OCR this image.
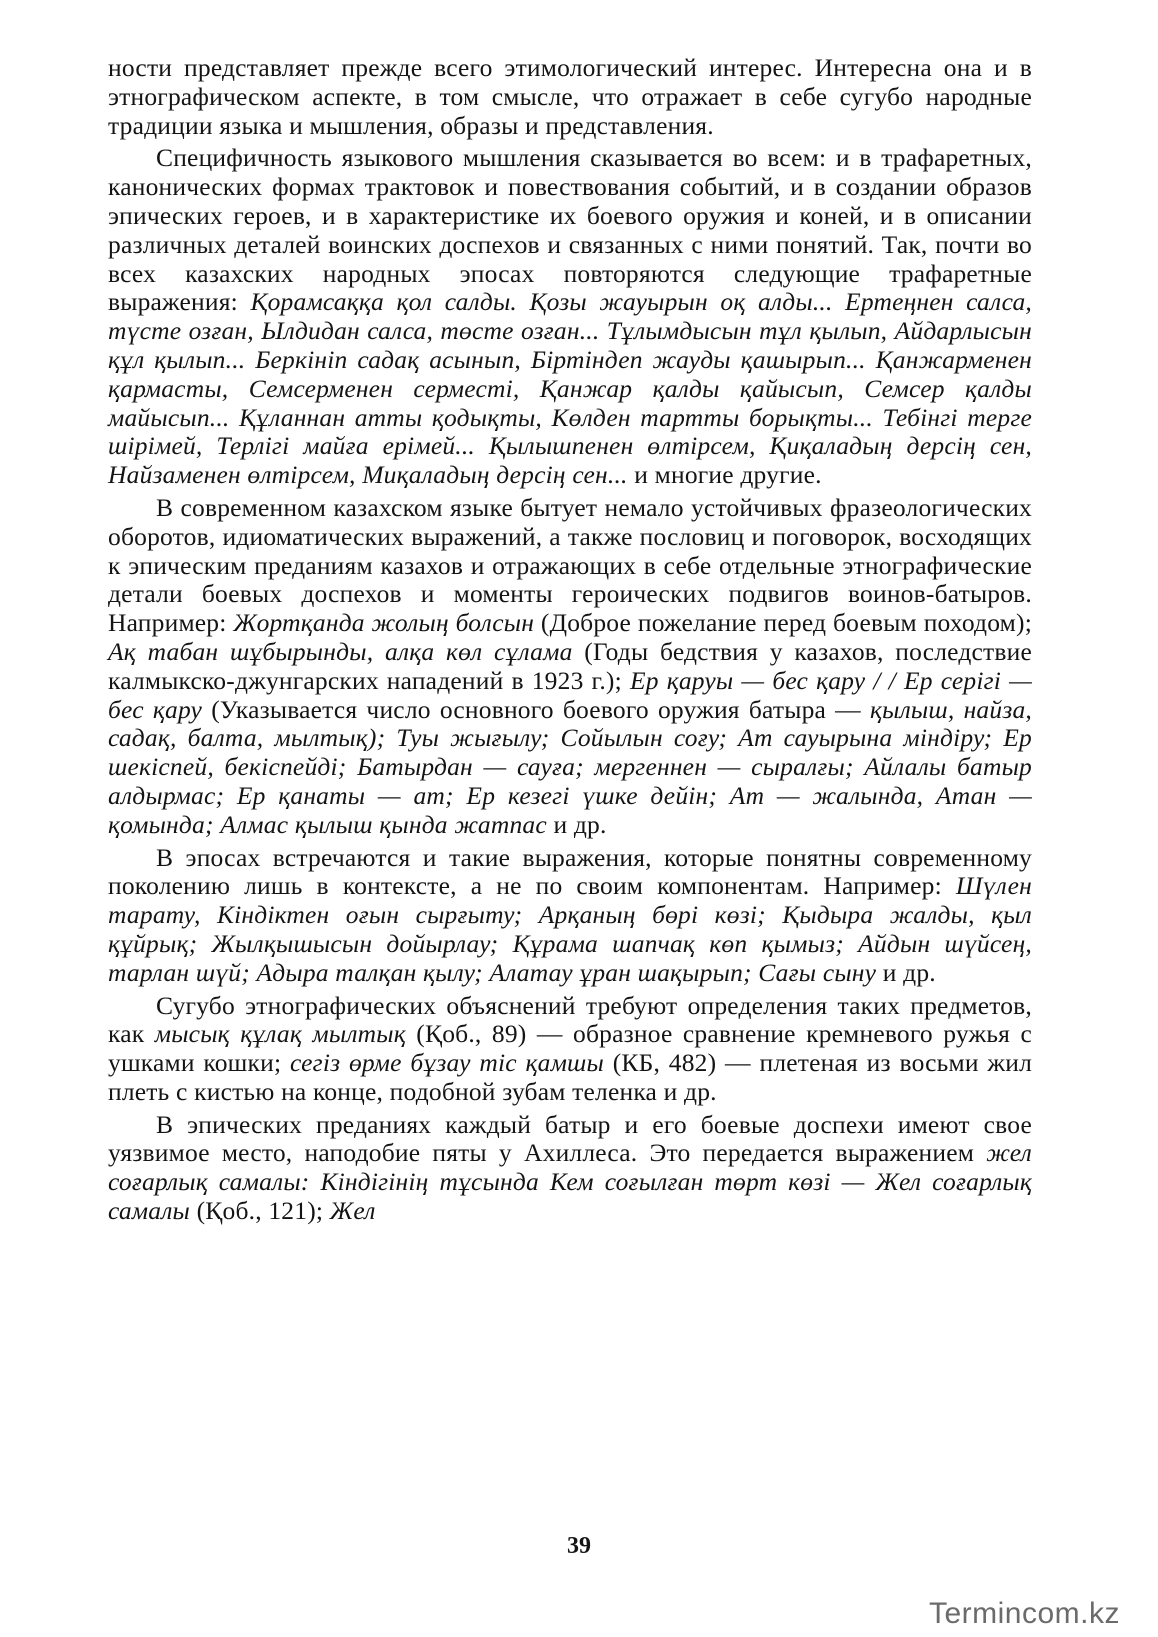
ности представляет прежде всего этимологический интерес. Интересна она и в этнографическом аспекте, в том смысле, что отражает в себе сугубо народные традиции языка и мышления, образы и представления.

Специфичность языкового мышления сказывается во всем: и в трафаретных, канонических формах трактовок и повествования событий, и в создании образов эпических героев, и в характеристике их боевого оружия и коней, и в описании различных деталей воинских доспехов и связанных с ними понятий. Так, почти во всех казахских народных эпосах повторяются следующие трафаретные выражения: Қорамсаққа қол салды. Қозы жауырын оқ алды... Ертеңнен салса, түсте озған, Ылдидан салса, төсте озған... Тұлымдысын тұл қылып, Айдарлысын құл қылып... Беркініп садақ асынып, Біртіндеп жауды қашырып... Қанжарменен қармасты, Семсерменен серместі, Қанжар қалды қайысып, Семсер қалды майысып... Құланнан атты қодықты, Көлден тартты борықты... Тебінгі терге шірімей, Терлігі майға ерімей... Қылышпенен өлтірсем, Қиқаладың дерсің сен, Найзаменен өлтірсем, Миқаладың дерсің сен... и многие другие.

В современном казахском языке бытует немало устойчивых фразеологических оборотов, идиоматических выражений, а также пословиц и поговорок, восходящих к эпическим преданиям казахов и отражающих в себе отдельные этнографические детали боевых доспехов и моменты героических подвигов воинов-батыров. Например: Жортқанда жолың болсын (Доброе пожелание перед боевым походом); Ақ табан шұбырынды, алқа көл сұлама (Годы бедствия у казахов, последствие калмыкско-джунгарских нападений в 1923 г.); Ер қаруы — бес қару / / Ер серігі — бес қару (Указывается число основного боевого оружия батыра — қылыш, найза, садақ, балта, мылтық); Туы жығылу; Сойылын соғу; Ат сауырына міндіру; Ер шекіспей, бекіспейді; Батырдан — сауға; мергеннен — сыралғы; Айлалы батыр алдырмас; Ер қанаты — ат; Ер кезегі үшке дейін; Ат — жалында, Атан — қомында; Алмас қылыш қында жатпас и др.

В эпосах встречаются и такие выражения, которые понятны современному поколению лишь в контексте, а не по своим компонентам. Например: Шүлен тарату, Кіндіктен оғын сырғыту; Арқаның бөрі көзі; Қыдыра жалды, қыл құйрық; Жылқышысын дойырлау; Құрама шапчақ көп қымыз; Айдын шүйсең, тарлан шүй; Адыра талқан қылу; Алатау ұран шақырып; Сағы сыну и др.

Сугубо этнографических объяснений требуют определения таких предметов, как мысық құлақ мылтық (Қоб., 89) — образное сравнение кремневого ружья с ушками кошки; сегіз өрме бұзау тіс қамшы (КБ, 482) — плетеная из восьми жил плеть с кистью на конце, подобной зубам теленка и др.

В эпических преданиях каждый батыр и его боевые доспехи имеют свое уязвимое место, наподобие пяты у Ахиллеса. Это передается выражением жел соғарлық самалы: Кіндігінің тұсында Кем соғылған төрт көзі — Жел соғарлық самалы (Қоб., 121); Жел

39
Termincom.kz
